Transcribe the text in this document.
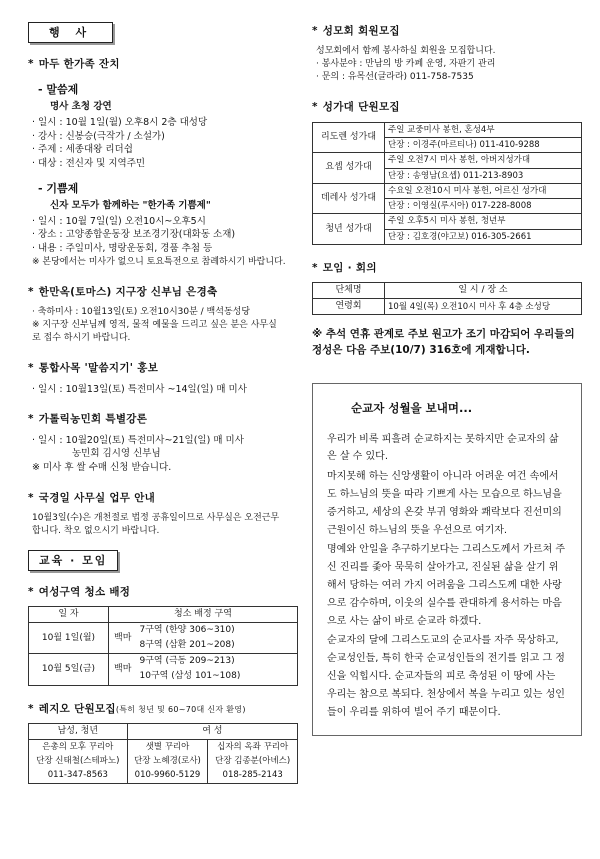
행 사
* 마두 한가족 잔치
- 말씀제
명사 초청 강연
· 일시 : 10월 1일(월) 오후8시 2층 대성당
· 강사 : 신봉승(극작가 / 소설가)
· 주제 : 세종대왕 리더쉽
· 대상 : 전신자 및 지역주민
- 기쁨제
신자 모두가 함께하는 "한가족 기쁨제"
· 일시 : 10월 7일(일) 오전10시~오후5시
· 장소 : 고양종합운동장 보조경기장(대화동 소재)
· 내용 : 주일미사, 명랑운동회, 경품 추첨 등
※ 본당에서는 미사가 없으니 토요특전으로 참례하시기 바랍니다.
* 한만옥(토마스) 지구장 신부님 은경축
· 축하미사 : 10월13일(토) 오전10시30분 / 백석동성당
※ 지구장 신부님께 영적, 물적 예물을 드리고 싶은 분은 사무실
로 접수 하시기 바랍니다.
* 통합사목 '말씀지기' 홍보
· 일시 : 10월13일(토) 특전미사 ~14일(일) 매 미사
* 가톨릭농민회 특별강론
· 일시 : 10월20일(토) 특전미사~21일(일) 매 미사
농민회 김시영 신부님
※ 미사 후 쌀 수매 신청 받습니다.
* 국경일 사무실 업무 안내
10월3일(수)은 개천절로 법정 공휴일이므로 사무실은 오전근무
합니다. 착오 없으시기 바랍니다.
교육 · 모임
* 여성구역 청소 배정
일 자	청소 배정 구역	
10월 1일(월)	백마	7구역 (한양 306~310)
		8구역 (삼환 201~208)
10월 5일(금)	백마	9구역 (극동 209~213)
		10구역 (삼성 101~108)
* 레지오 단원모집(특히 청년 및 60~70대 신자 환영)
남성, 청년	여 성	
은총의 모후 꾸리아	샛별 꾸리아	십자의 옥좌 꾸리아
단장 신태철(스테파노)	단장 노혜경(로사)	단장 김종분(아녜스)
011-347-8563	010-9960-5129	018-285-2143
* 성모회 회원모집
성모회에서 함께 봉사하실 회원을 모집합니다.
· 봉사분야 : 만남의 방 카페 운영, 자판기 관리
· 문의 : 유목선(글라라) 011-758-7535
* 성가대 단원모집
리도렌 성가대	주일 교중미사 봉헌, 혼성4부
	단장 : 이경주(마르티나) 011-410-9288
요셉 성가대	주일 오전7시 미사 봉헌, 아버지성가대
	단장 : 송영남(요셉) 011-213-8903
데레사 성가대	수요일 오전10시 미사 봉헌, 어르신 성가대
	단장 : 이영실(루시아) 017-228-8008
청년 성가대	주일 오후5시 미사 봉헌, 청년부
	단장 : 김호경(야고보) 016-305-2661
* 모임 · 회의
단체명	일 시 / 장 소
연령회	10월 4일(목) 오전10시 미사 후 4층 소성당
※ 추석 연휴 관계로 주보 원고가 조기 마감되어 우리들의 정성은 다음 주보(10/7) 316호에 게재합니다.
순교자 성월을 보내며...

우리가 비록 피흘려 순교하지는 못하지만 순교자의 삶은 살 수 있다.

마지못해 하는 신앙생활이 아니라 어려운 여건 속에서도 하느님의 뜻을 따라 기쁘게 사는 모습으로 하느님을 증거하고, 세상의 온갖 부귀 영화와 쾌락보다 진선미의 근원이신 하느님의 뜻을 우선으로 여기자.

명예와 안일을 추구하기보다는 그리스도께서 가르쳐 주신 진리를 좇아 묵묵히 살아가고, 진실된 삶을 살기 위해서 당하는 여러 가지 어려움을 그리스도께 대한 사랑으로 감수하며, 이웃의 실수를 관대하게 용서하는 마음으로 사는 삶이 바로 순교라 하겠다.

순교자의 달에 그리스도교의 순교사를 자주 묵상하고, 순교성인들, 특히 한국 순교성인들의 전기를 읽고 그 정신을 익힙시다. 순교자들의 피로 축성된 이 땅에 사는 우리는 참으로 복되다. 천상에서 복을 누리고 있는 성인들이 우리를 위하여 빌어 주기 때문이다.
